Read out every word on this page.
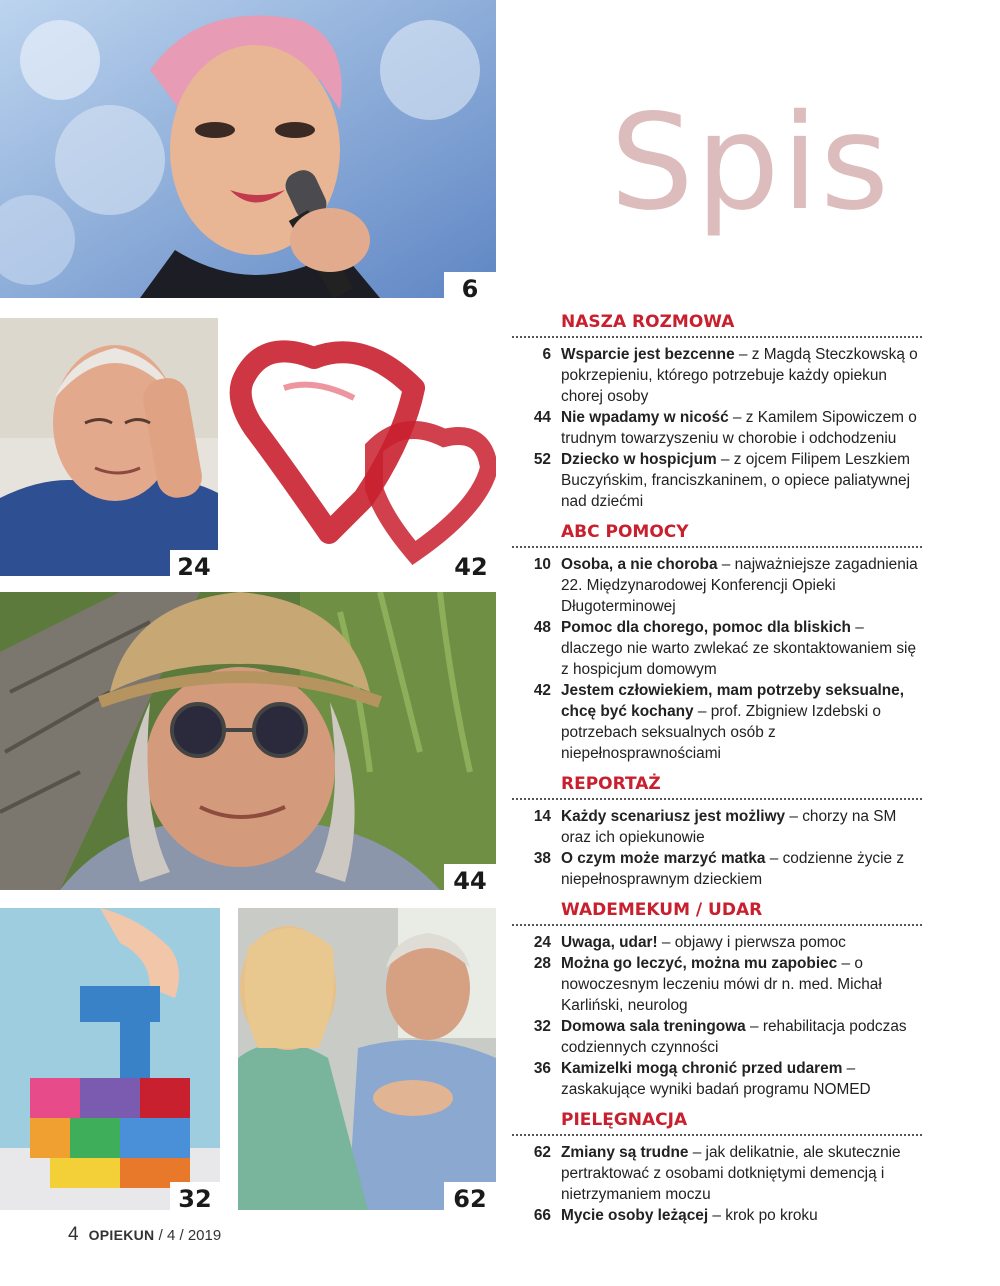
6
24	42
44
32	62
Spis
NASZA ROZMOWA
6 Wsparcie jest bezcenne – z Magdą Steczkowską o pokrzepieniu, którego potrzebuje każdy opiekun chorej osoby
44 Nie wpadamy w nicość – z Kamilem Sipowiczem o trudnym towarzyszeniu w chorobie i odchodzeniu
52 Dziecko w hospicjum – z ojcem Filipem Leszkiem Buczyńskim, franciszkaninem, o opiece paliatywnej nad dziećmi
ABC POMOCY
10 Osoba, a nie choroba – najważniejsze zagadnienia 22. Międzynarodowej Konferencji Opieki Długoterminowej
48 Pomoc dla chorego, pomoc dla bliskich – dlaczego nie warto zwlekać ze skontaktowaniem się z hospicjum domowym
42 Jestem człowiekiem, mam potrzeby seksualne, chcę być kochany – prof. Zbigniew Izdebski o potrzebach seksualnych osób z niepełnosprawnościami
REPORTAŻ
14 Każdy scenariusz jest możliwy – chorzy na SM oraz ich opiekunowie
38 O czym może marzyć matka – codzienne życie z niepełnosprawnym dzieckiem
WADEMEKUM / UDAR
24 Uwaga, udar! – objawy i pierwsza pomoc
28 Można go leczyć, można mu zapobiec – o nowoczesnym leczeniu mówi dr n. med. Michał Karliński, neurolog
32 Domowa sala treningowa – rehabilitacja podczas codziennych czynności
36 Kamizelki mogą chronić przed udarem – zaskakujące wyniki badań programu NOMED
PIELĘGNACJA
62 Zmiany są trudne – jak delikatnie, ale skutecznie pertraktować z osobami dotkniętymi demencją i nietrzymaniem moczu
66 Mycie osoby leżącej – krok po kroku
4 OPIEKUN / 4 / 2019
